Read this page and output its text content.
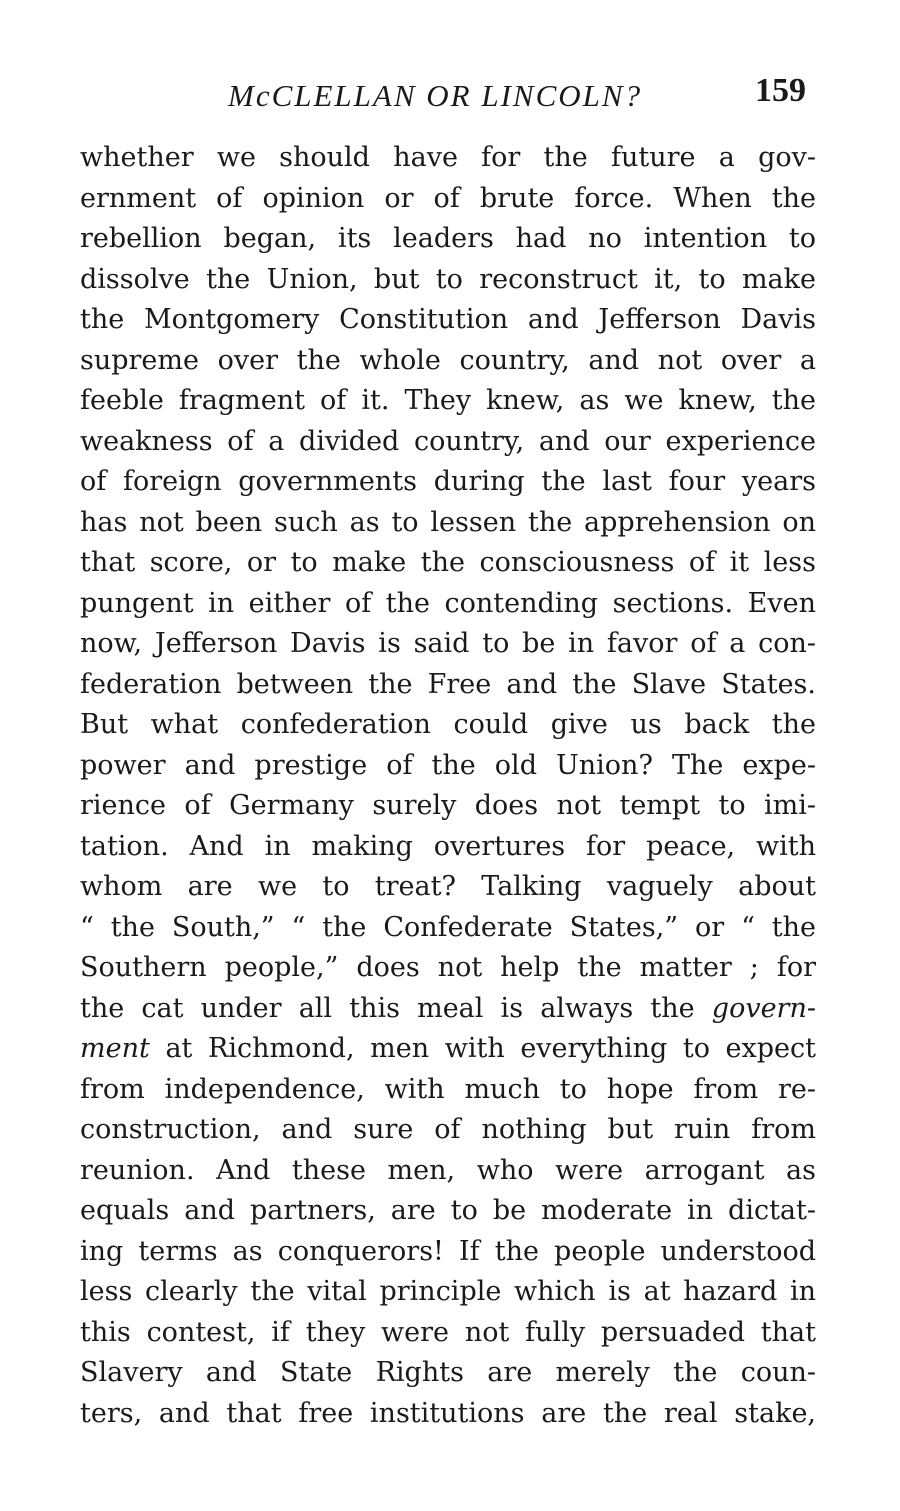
McCLELLAN OR LINCOLN?	159
whether we should have for the future a gov-
ernment of opinion or of brute force. When the
rebellion began, its leaders had no intention to
dissolve the Union, but to reconstruct it, to make
the Montgomery Constitution and Jefferson Davis
supreme over the whole country, and not over a
feeble fragment of it. They knew, as we knew, the
weakness of a divided country, and our experience
of foreign governments during the last four years
has not been such as to lessen the apprehension on
that score, or to make the consciousness of it less
pungent in either of the contending sections. Even
now, Jefferson Davis is said to be in favor of a con-
federation between the Free and the Slave States.
But what confederation could give us back the
power and prestige of the old Union? The expe-
rience of Germany surely does not tempt to imi-
tation. And in making overtures for peace, with
whom are we to treat? Talking vaguely about
“ the South,” “ the Confederate States,” or “ the
Southern people,” does not help the matter ; for
the cat under all this meal is always the govern-
ment at Richmond, men with everything to expect
from independence, with much to hope from re-
construction, and sure of nothing but ruin from
reunion. And these men, who were arrogant as
equals and partners, are to be moderate in dictat-
ing terms as conquerors! If the people understood
less clearly the vital principle which is at hazard in
this contest, if they were not fully persuaded that
Slavery and State Rights are merely the coun-
ters, and that free institutions are the real stake,
